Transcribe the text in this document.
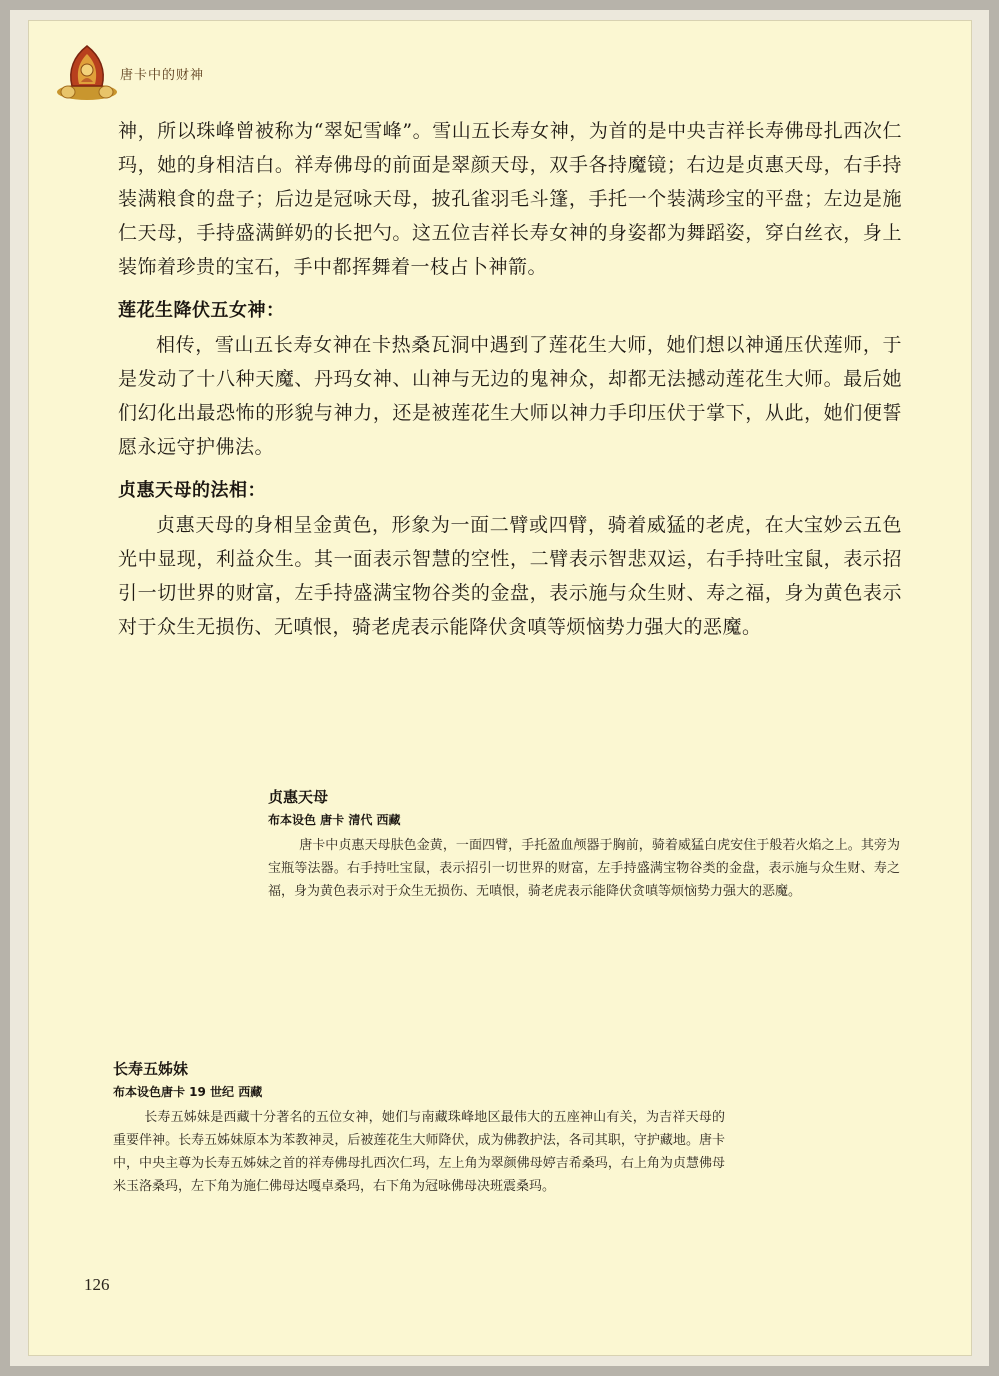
唐卡中的财神

神，所以珠峰曾被称为“翠妃雪峰”。雪山五长寿女神，为首的是中央吉祥长寿佛母扎西次仁玛，她的身相洁白。祥寿佛母的前面是翠颜天母，双手各持魔镜；右边是贞惠天母，右手持装满粮食的盘子；后边是冠咏天母，披孔雀羽毛斗篷，手托一个装满珍宝的平盘；左边是施仁天母，手持盛满鲜奶的长把勺。这五位吉祥长寿女神的身姿都为舞蹈姿，穿白丝衣，身上装饰着珍贵的宝石，手中都挥舞着一枝占卜神箭。

莲花生降伏五女神：

相传，雪山五长寿女神在卡热桑瓦洞中遇到了莲花生大师，她们想以神通压伏莲师，于是发动了十八种天魔、丹玛女神、山神与无边的鬼神众，却都无法撼动莲花生大师。最后她们幻化出最恐怖的形貌与神力，还是被莲花生大师以神力手印压伏于掌下，从此，她们便誓愿永远守护佛法。

贞惠天母的法相：

贞惠天母的身相呈金黄色，形象为一面二臂或四臂，骑着威猛的老虎，在大宝妙云五色光中显现，利益众生。其一面表示智慧的空性，二臂表示智悲双运，右手持吐宝鼠，表示招引一切世界的财富，左手持盛满宝物谷类的金盘，表示施与众生财、寿之福，身为黄色表示对于众生无损伤、无嗔恨，骑老虎表示能降伏贪嗔等烦恼势力强大的恶魔。

贞惠天母

布本设色 唐卡 清代 西藏

唐卡中贞惠天母肤色金黄，一面四臂，手托盈血颅器于胸前，骑着威猛白虎安住于般若火焰之上。其旁为宝瓶等法器。右手持吐宝鼠，表示招引一切世界的财富，左手持盛满宝物谷类的金盘，表示施与众生财、寿之福，身为黄色表示对于众生无损伤、无嗔恨，骑老虎表示能降伏贪嗔等烦恼势力强大的恶魔。

长寿五姊妹

布本设色唐卡 19 世纪 西藏

长寿五姊妹是西藏十分著名的五位女神，她们与南藏珠峰地区最伟大的五座神山有关，为吉祥天母的重要伴神。长寿五姊妹原本为苯教神灵，后被莲花生大师降伏，成为佛教护法，各司其职，守护藏地。唐卡中，中央主尊为长寿五姊妹之首的祥寿佛母扎西次仁玛，左上角为翠颜佛母婷吉希桑玛，右上角为贞慧佛母米玉洛桑玛，左下角为施仁佛母达嘎卓桑玛，右下角为冠咏佛母决班震桑玛。

126
